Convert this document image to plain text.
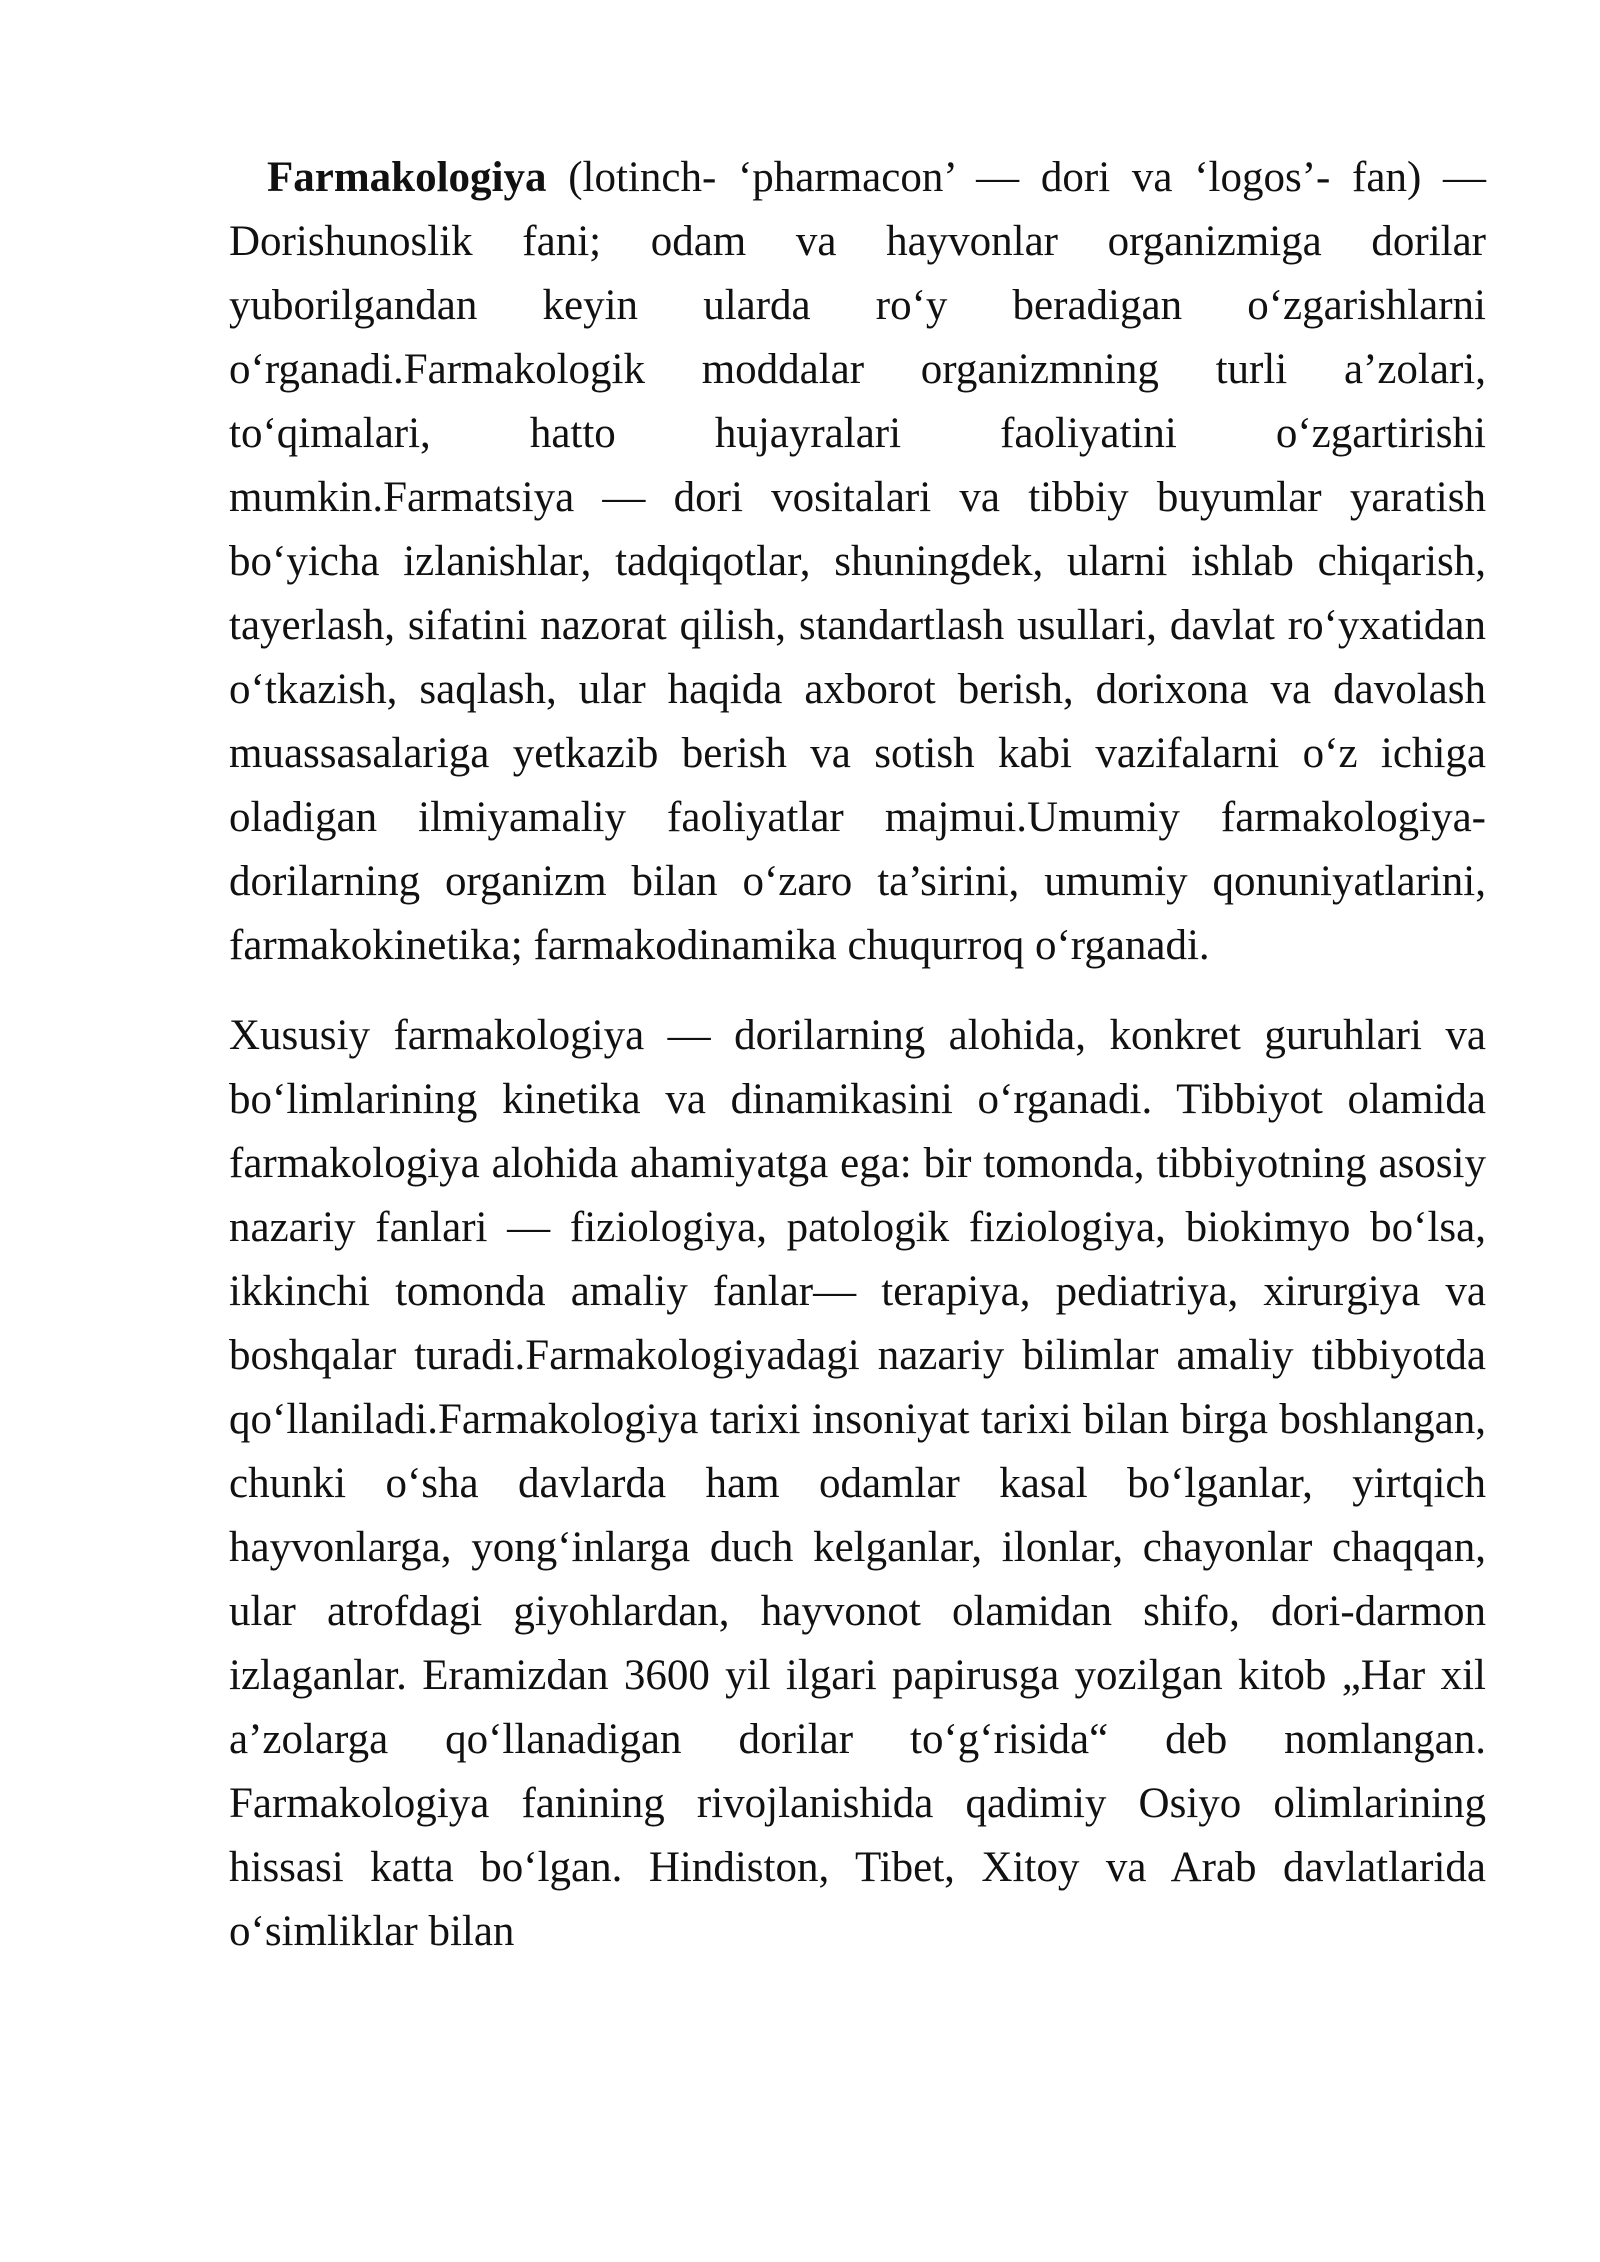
Farmakologiya (lotinch- ‘pharmacon’ — dori va ‘logos’- fan) — Dorishunoslik fani; odam va hayvonlar organizmiga dorilar yuborilgandan keyin ularda ro‘y beradigan o‘zgarishlarni o‘rganadi.Farmakologik moddalar organizmning turli a’zolari, to‘qimalari, hatto hujayralari faoliyatini o‘zgartirishi mumkin.Farmatsiya — dori vositalari va tibbiy buyumlar yaratish bo‘yicha izlanishlar, tadqiqotlar, shuningdek, ularni ishlab chiqarish, tayerlash, sifatini nazorat qilish, standartlash usullari, davlat ro‘yxatidan o‘tkazish, saqlash, ular haqida axborot berish, dorixona va davolash muassasalariga yetkazib berish va sotish kabi vazifalarni o‘z ichiga oladigan ilmiyamaliy faoliyatlar majmui.Umumiy farmakologiya- dorilarning organizm bilan o‘zaro ta’sirini, umumiy qonuniyatlarini, farmakokinetika; farmakodinamika chuqurroq o‘rganadi.

Xususiy farmakologiya — dorilarning alohida, konkret guruhlari va bo‘limlarining kinetika va dinamikasini o‘rganadi. Tibbiyot olamida farmakologiya alohida ahamiyatga ega: bir tomonda, tibbiyotning asosiy nazariy fanlari — fiziologiya, patologik fiziologiya, biokimyo bo‘lsa, ikkinchi tomonda amaliy fanlar— terapiya, pediatriya, xirurgiya va boshqalar turadi.Farmakologiyadagi nazariy bilimlar amaliy tibbiyotda qo‘llaniladi.Farmakologiya tarixi insoniyat tarixi bilan birga boshlangan, chunki o‘sha davlarda ham odamlar kasal bo‘lganlar, yirtqich hayvonlarga, yong‘inlarga duch kelganlar, ilonlar, chayonlar chaqqan, ular atrofdagi giyohlardan, hayvonot olamidan shifo, dori-darmon izlaganlar. Eramizdan 3600 yil ilgari papirusga yozilgan kitob „Har xil a’zolarga qo‘llanadigan dorilar to‘g‘risida“ deb nomlangan. Farmakologiya fanining rivojlanishida qadimiy Osiyo olimlarining hissasi katta bo‘lgan. Hindiston, Tibet, Xitoy va Arab davlatlarida o‘simliklar bilan
